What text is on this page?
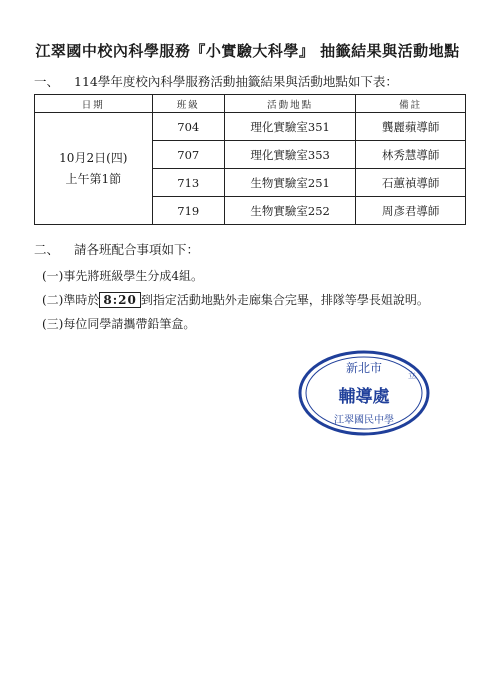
江翠國中校內科學服務『小實驗大科學』 抽籤結果與活動地點
一、 114學年度校內科學服務活動抽籤結果與活動地點如下表：
日期	班級	活動地點	備註

10月2日(四)
上午第1節	704	理化實驗室351	龔麗蘋導師
	707	理化實驗室353	林秀慧導師
	713	生物實驗室251	石蕙禎導師
	719	生物實驗室252	周彥君導師
二、 請各班配合事項如下：
(一)事先將班級學生分成4組。
(二)準時於 8:20 到指定活動地點外走廊集合完畢，排隊等學長姐說明。
(三)每位同學請攜帶鉛筆盒。
新北市
輔導處
立
江翠國民中學
